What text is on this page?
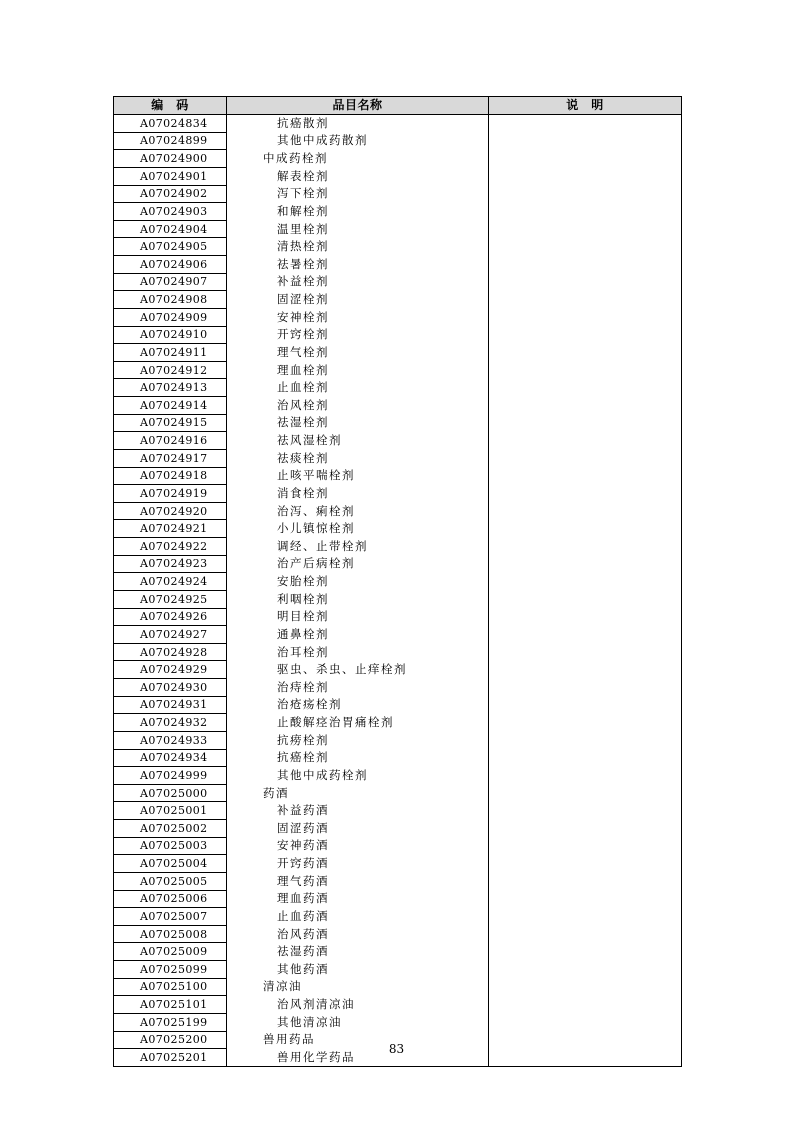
编　码	品目名称	说　明
A07024834	抗癌散剂	
A07024899	其他中成药散剂	
A07024900	中成药栓剂	
A07024901	解表栓剂	
A07024902	泻下栓剂	
A07024903	和解栓剂	
A07024904	温里栓剂	
A07024905	清热栓剂	
A07024906	祛暑栓剂	
A07024907	补益栓剂	
A07024908	固涩栓剂	
A07024909	安神栓剂	
A07024910	开窍栓剂	
A07024911	理气栓剂	
A07024912	理血栓剂	
A07024913	止血栓剂	
A07024914	治风栓剂	
A07024915	祛湿栓剂	
A07024916	祛风湿栓剂	
A07024917	祛痰栓剂	
A07024918	止咳平喘栓剂	
A07024919	消食栓剂	
A07024920	治泻、痢栓剂	
A07024921	小儿镇惊栓剂	
A07024922	调经、止带栓剂	
A07024923	治产后病栓剂	
A07024924	安胎栓剂	
A07024925	利咽栓剂	
A07024926	明目栓剂	
A07024927	通鼻栓剂	
A07024928	治耳栓剂	
A07024929	驱虫、杀虫、止痒栓剂	
A07024930	治痔栓剂	
A07024931	治疮疡栓剂	
A07024932	止酸解痉治胃痛栓剂	
A07024933	抗痨栓剂	
A07024934	抗癌栓剂	
A07024999	其他中成药栓剂	
A07025000	药酒	
A07025001	补益药酒	
A07025002	固涩药酒	
A07025003	安神药酒	
A07025004	开窍药酒	
A07025005	理气药酒	
A07025006	理血药酒	
A07025007	止血药酒	
A07025008	治风药酒	
A07025009	祛湿药酒	
A07025099	其他药酒	
A07025100	清凉油	
A07025101	治风剂清凉油	
A07025199	其他清凉油	
A07025200	兽用药品	
A07025201	兽用化学药品	
83
